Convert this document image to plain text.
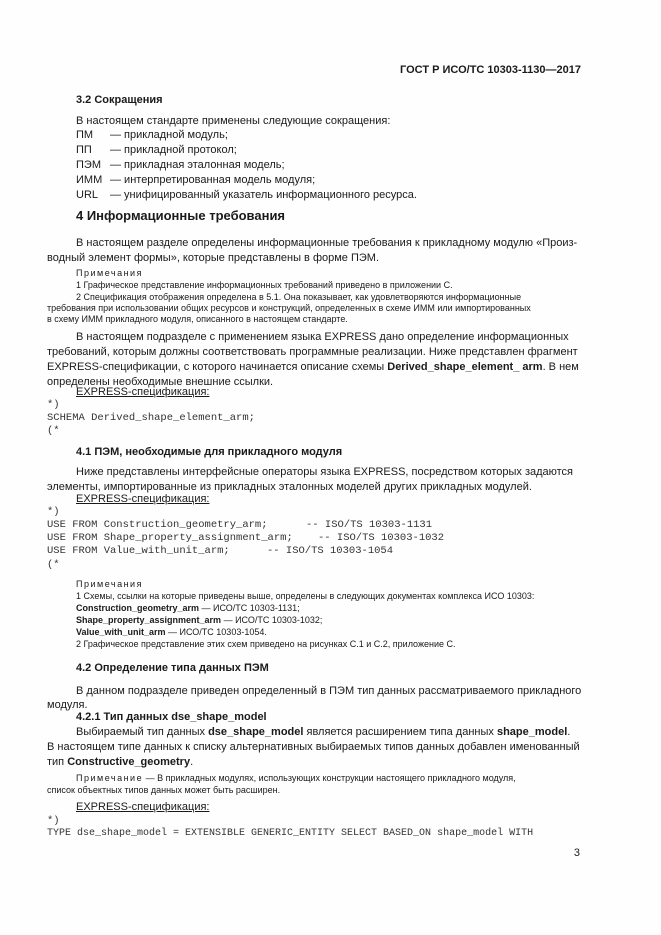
ГОСТ Р ИСО/ТС 10303-1130—2017
3.2 Сокращения
В настоящем стандарте применены следующие сокращения:
ПМ	— прикладной модуль;
ПП	— прикладной протокол;
ПЭМ — прикладная эталонная модель;
ИММ — интерпретированная модель модуля;
URL	— унифицированный указатель информационного ресурса.
4 Информационные требования
В настоящем разделе определены информационные требования к прикладному модулю «Произ-
водный элемент формы», которые представлены в форме ПЭМ.
Примечания
1 Графическое представление информационных требований приведено в приложении С.
2 Спецификация отображения определена в 5.1. Она показывает, как удовлетворяются информационные
требования при использовании общих ресурсов и конструкций, определенных в схеме ИММ или импортированных
в схему ИММ прикладного модуля, описанного в настоящем стандарте.
В настоящем подразделе с применением языка EXPRESS дано определение информационных
требований, которым должны соответствовать программные реализации. Ниже представлен фрагмент
EXPRESS-спецификации, с которого начинается описание схемы Derived_shape_element_ arm. В нем
определены необходимые внешние ссылки.
EXPRESS-спецификация:
*)
SCHEMA Derived_shape_element_arm;
(*
4.1 ПЭМ, необходимые для прикладного модуля
Ниже представлены интерфейсные операторы языка EXPRESS, посредством которых задаются
элементы, импортированные из прикладных эталонных моделей других прикладных модулей.
EXPRESS-спецификация:
*)
USE FROM Construction_geometry_arm;	-- ISO/TS 10303-1131
USE FROM Shape_property_assignment_arm; -- ISO/TS 10303-1032
USE FROM Value_with_unit_arm;	-- ISO/TS 10303-1054
(*
Примечания
1 Схемы, ссылки на которые приведены выше, определены в следующих документах комплекса ИСО 10303:
Construction_geometry_arm — ИСО/ТС 10303-1131;
Shape_property_assignment_arm — ИСО/ТС 10303-1032;
Value_with_unit_arm — ИСО/ТС 10303-1054.
2 Графическое представление этих схем приведено на рисунках С.1 и С.2, приложение С.
4.2 Определение типа данных ПЭМ
В данном подразделе приведен определенный в ПЭМ тип данных рассматриваемого прикладного
модуля.
4.2.1 Тип данных dse_shape_model
Выбираемый тип данных dse_shape_model является расширением типа данных shape_model.
В настоящем типе данных к списку альтернативных выбираемых типов данных добавлен именованный
тип Constructive_geometry.
Примечание — В прикладных модулях, использующих конструкции настоящего прикладного модуля,
список объектных типов данных может быть расширен.
EXPRESS-спецификация:
*)
TYPE dse_shape_model = EXTENSIBLE GENERIC_ENTITY SELECT BASED_ON shape_model WITH
3
